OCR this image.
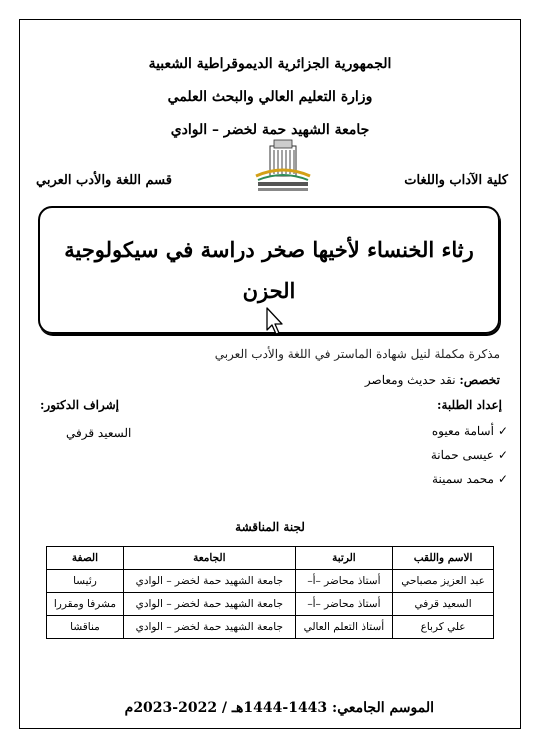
الجمهورية الجزائرية الديموقراطية الشعبية
وزارة التعليم العالي والبحث العلمي
جامعة الشهيد حمة لخضر – الوادي
كلية الآداب واللغات
قسم اللغة والأدب العربي
رثاء الخنساء لأخيها صخر دراسة في سيكولوجية
الحزن
مذكرة مكملة لنيل شهادة الماستر في اللغة والأدب العربي
تخصص: نقد حديث ومعاصر
إعداد الطلبة:
إشراف الدكتور:
السعيد قرفي	✓أسامة معيوه
✓عيسى حمانة
✓محمد سمينة
لجنة المناقشة
الاسم واللقب	الرتبة	الجامعة	الصفة
عبد العزيز مصباحي	أستاذ محاضر –أ–	جامعة الشهيد حمة لخضر – الوادي	رئيسا
السعيد قرفي	أستاذ محاضر –أ–	جامعة الشهيد حمة لخضر – الوادي	مشرفا ومقررا
علي كرباع	أستاذ التعلم العالي	جامعة الشهيد حمة لخضر – الوادي	مناقشا
الموسم الجامعي: 1443-1444هـ / 2022-2023م
